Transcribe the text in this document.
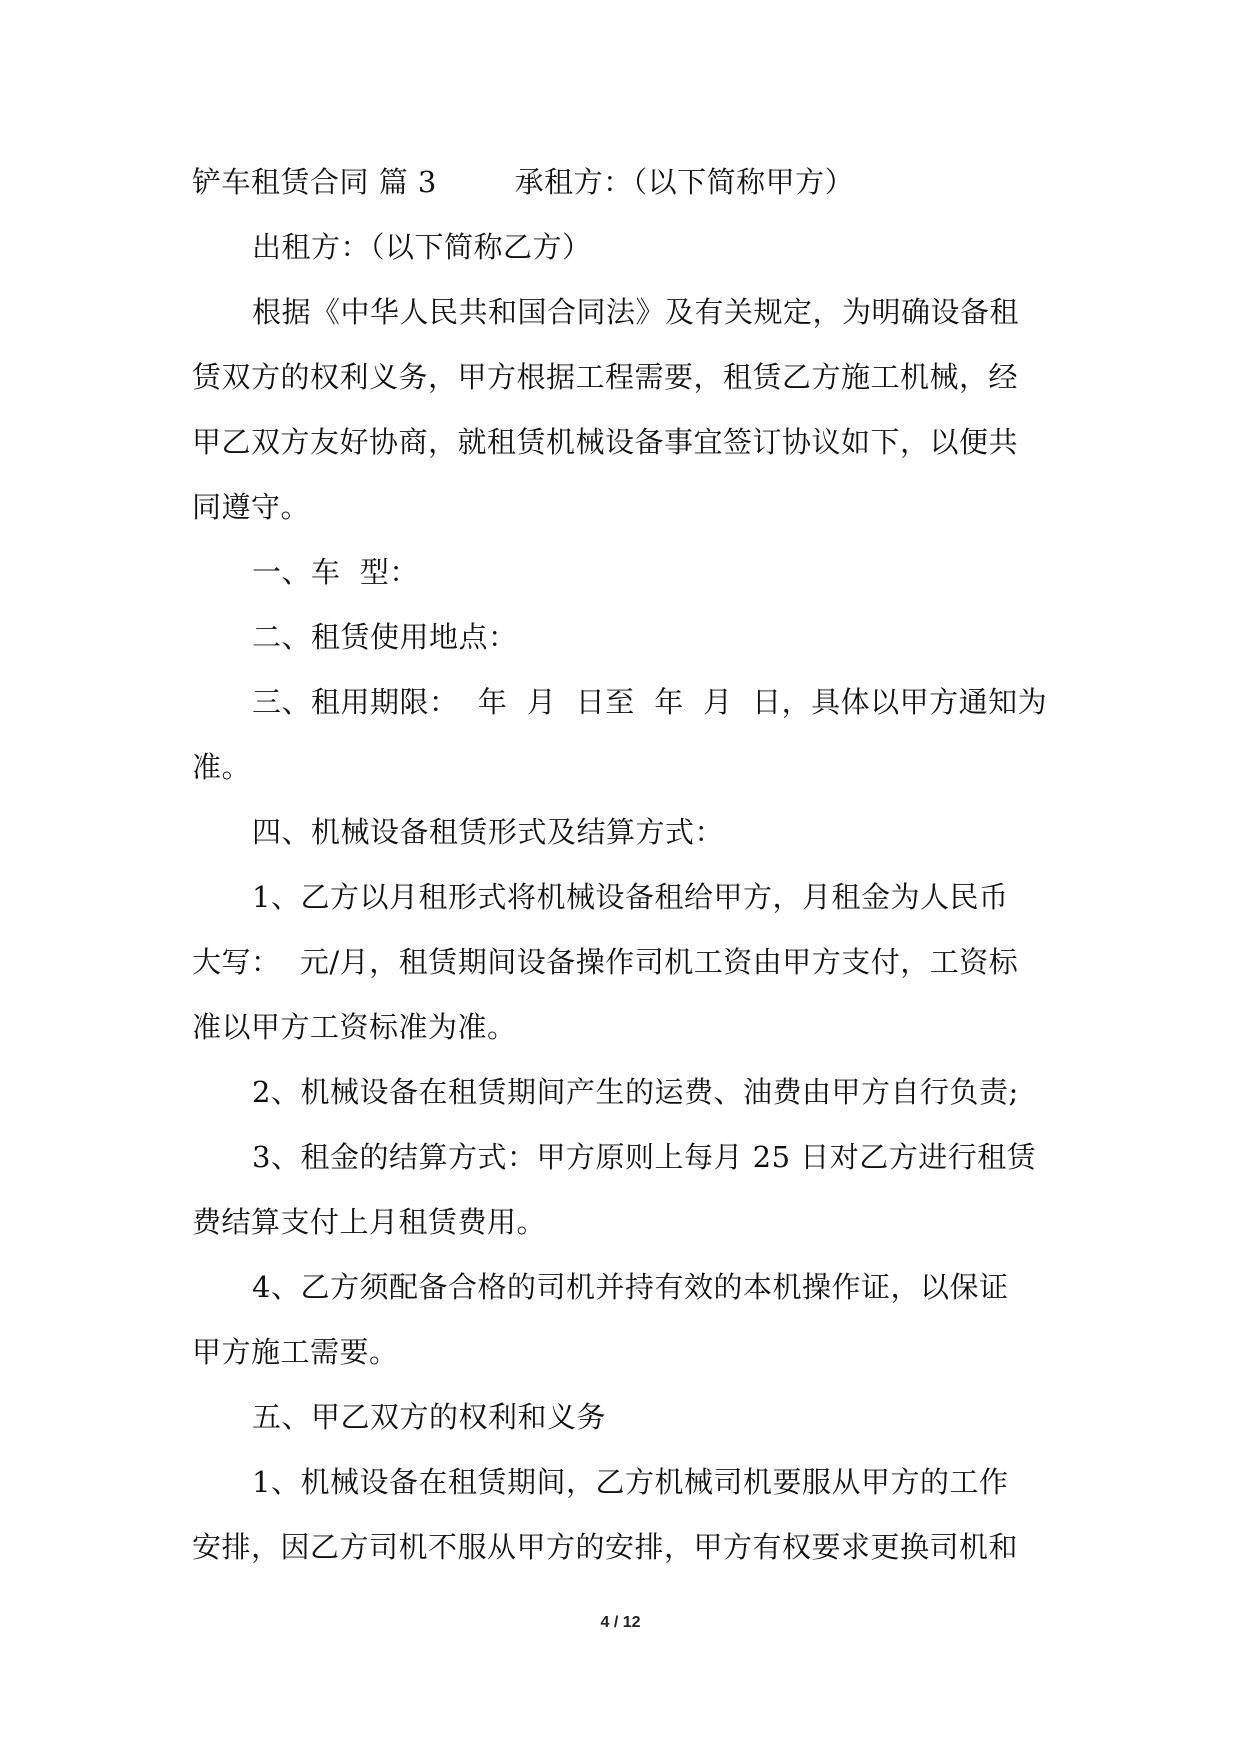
铲车租赁合同 篇 3        承租方：（以下简称甲方）
出租方：（以下简称乙方）
根据《中华人民共和国合同法》及有关规定，为明确设备租
赁双方的权利义务，甲方根据工程需要，租赁乙方施工机械，经
甲乙双方友好协商，就租赁机械设备事宜签订协议如下，以便共
同遵守。
一、车  型：
二、租赁使用地点：
三、租用期限：  年  月  日至  年  月  日，具体以甲方通知为
准。
四、机械设备租赁形式及结算方式：
1、乙方以月租形式将机械设备租给甲方，月租金为人民币
大写：  元/月，租赁期间设备操作司机工资由甲方支付，工资标
准以甲方工资标准为准。
2、机械设备在租赁期间产生的运费、油费由甲方自行负责;
3、租金的结算方式：甲方原则上每月 25 日对乙方进行租赁
费结算支付上月租赁费用。
4、乙方须配备合格的司机并持有效的本机操作证，以保证
甲方施工需要。
五、甲乙双方的权利和义务
1、机械设备在租赁期间，乙方机械司机要服从甲方的工作
安排，因乙方司机不服从甲方的安排，甲方有权要求更换司机和
4 / 12
